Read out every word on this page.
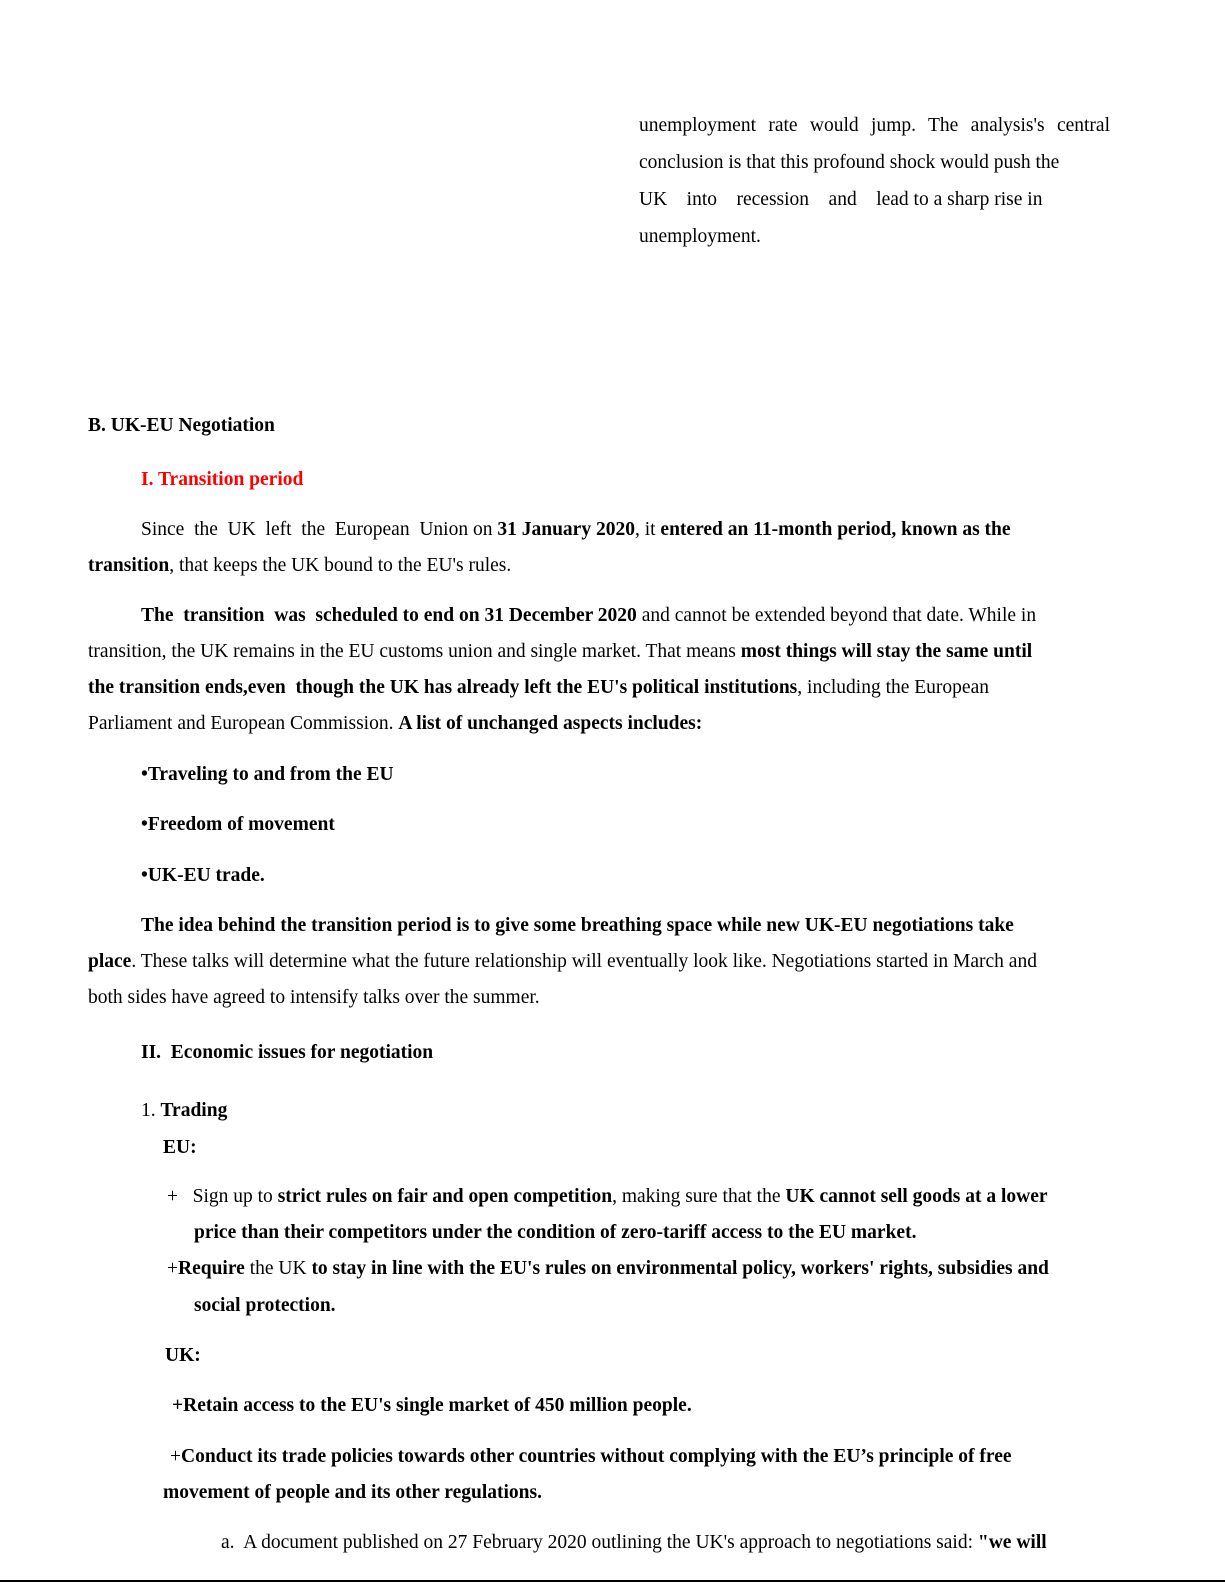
unemployment rate would jump. The analysis's central
conclusion is that this profound shock would push the
UK    into    recession    and    lead to a sharp rise in
unemployment.
B. UK-EU Negotiation
I. Transition period
Since  the  UK  left  the  European  Union on 31 January 2020, it entered an 11-month period, known as the
transition, that keeps the UK bound to the EU's rules.
The  transition  was  scheduled to end on 31 December 2020 and cannot be extended beyond that date. While in
transition, the UK remains in the EU customs union and single market. That means most things will stay the same until
the transition ends,even  though the UK has already left the EU's political institutions, including the European
Parliament and European Commission. A list of unchanged aspects includes:
•Traveling to and from the EU
•Freedom of movement
•UK-EU trade.
The idea behind the transition period is to give some breathing space while new UK-EU negotiations take
place. These talks will determine what the future relationship will eventually look like. Negotiations started in March and
both sides have agreed to intensify talks over the summer.
II.  Economic issues for negotiation
1. Trading
EU:
+   Sign up to strict rules on fair and open competition, making sure that the UK cannot sell goods at a lower
price than their competitors under the condition of zero-tariff access to the EU market.
+Require the UK to stay in line with the EU's rules on environmental policy, workers' rights, subsidies and
social protection.
UK:
+Retain access to the EU's single market of 450 million people.
+Conduct its trade policies towards other countries without complying with the EU’s principle of free
movement of people and its other regulations.
a.  A document published on 27 February 2020 outlining the UK's approach to negotiations said: "we will
